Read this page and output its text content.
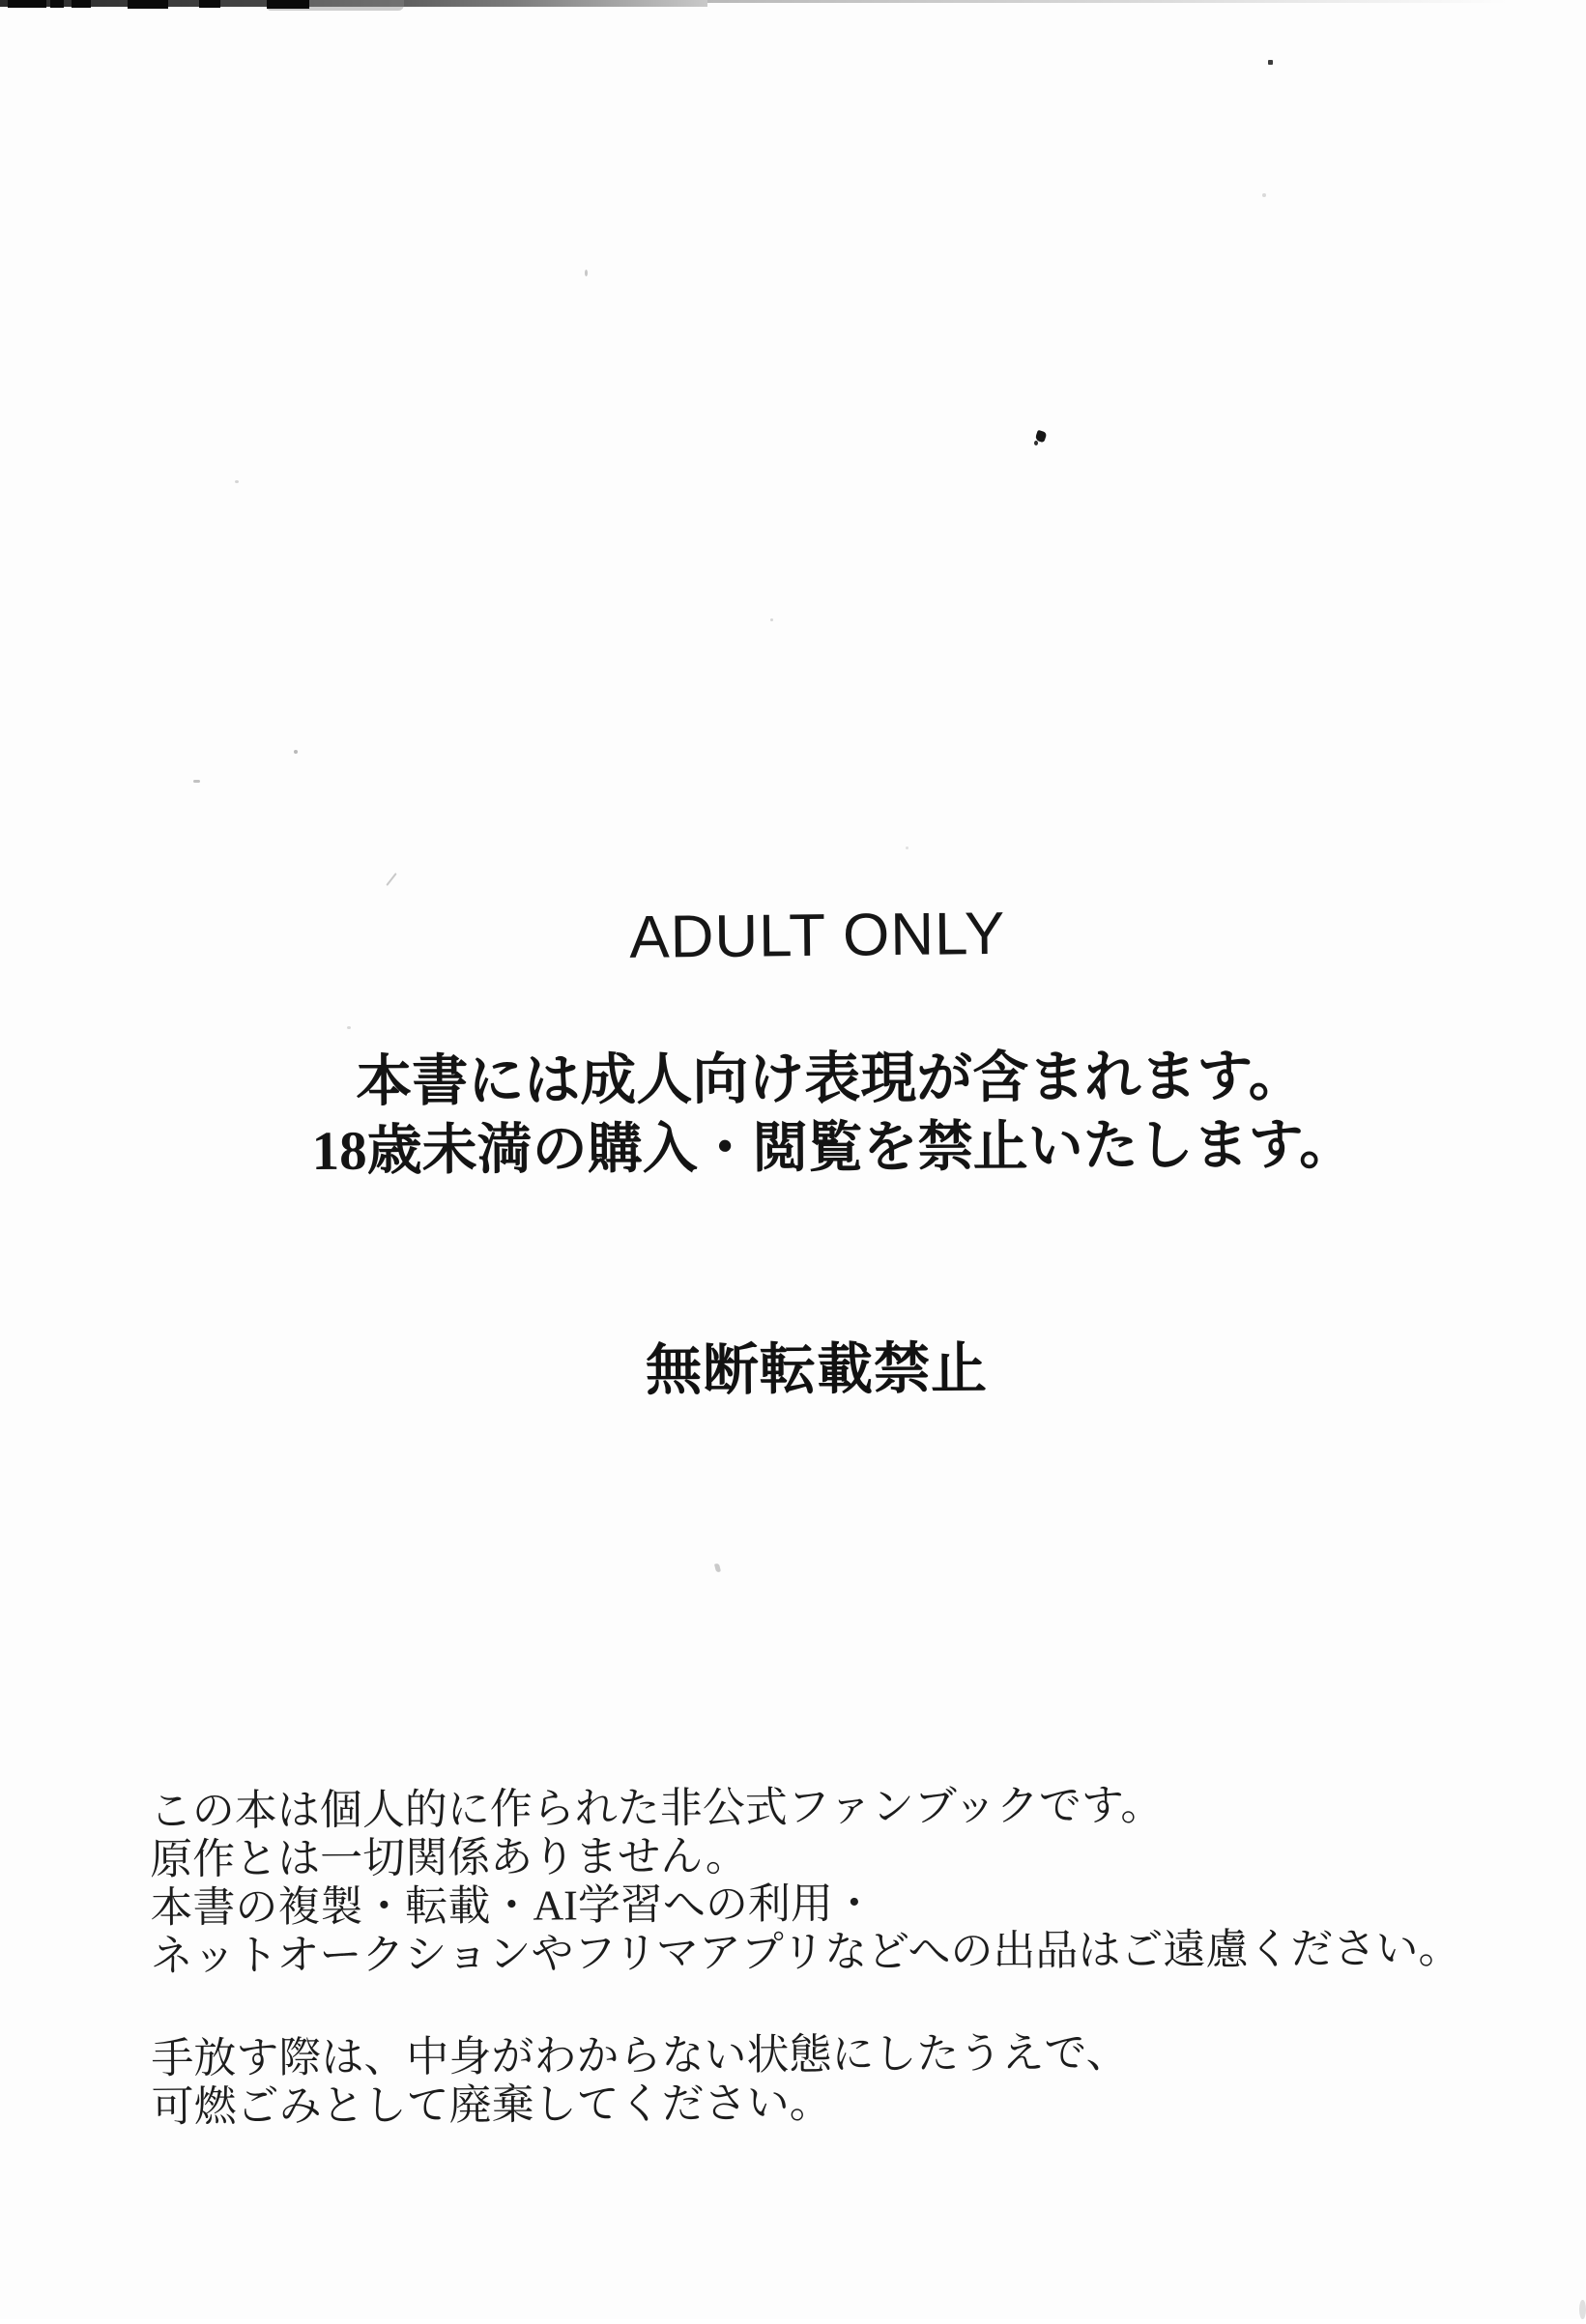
ADULT ONLY
本書には成人向け表現が含まれます。
18歳未満の購入・閲覧を禁止いたします。
無断転載禁止
この本は個人的に作られた非公式ファンブックです。
原作とは一切関係ありません。
本書の複製・転載・AI学習への利用・
ネットオークションやフリマアプリなどへの出品はご遠慮ください。
手放す際は、中身がわからない状態にしたうえで、
可燃ごみとして廃棄してください。
